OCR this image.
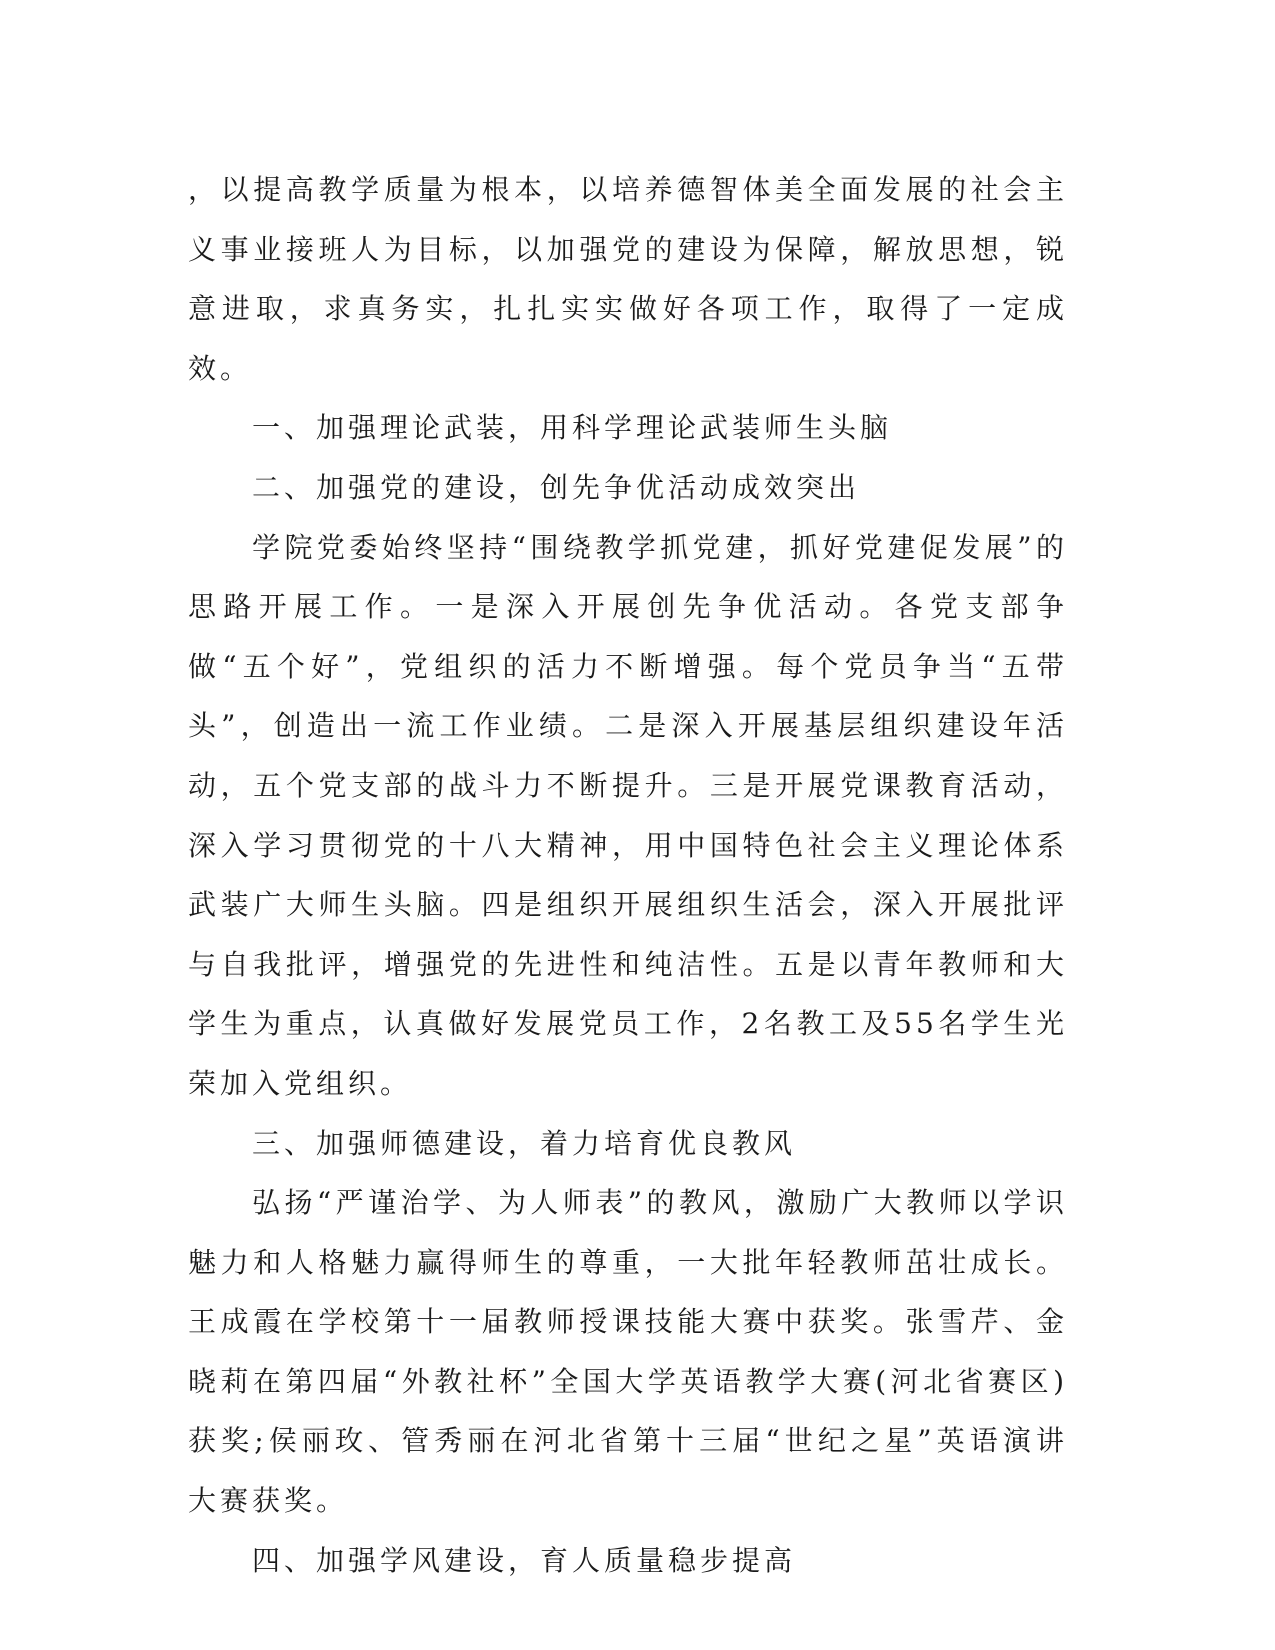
，以提高教学质量为根本，以培养德智体美全面发展的社会主义事业接班人为目标，以加强党的建设为保障，解放思想，锐意进取，求真务实，扎扎实实做好各项工作，取得了一定成效。

一、加强理论武装，用科学理论武装师生头脑

二、加强党的建设，创先争优活动成效突出

学院党委始终坚持“围绕教学抓党建，抓好党建促发展”的思路开展工作。一是深入开展创先争优活动。各党支部争做“五个好”，党组织的活力不断增强。每个党员争当“五带头”，创造出一流工作业绩。二是深入开展基层组织建设年活动，五个党支部的战斗力不断提升。三是开展党课教育活动，深入学习贯彻党的十八大精神，用中国特色社会主义理论体系武装广大师生头脑。四是组织开展组织生活会，深入开展批评与自我批评，增强党的先进性和纯洁性。五是以青年教师和大学生为重点，认真做好发展党员工作，2名教工及55名学生光荣加入党组织。

三、加强师德建设，着力培育优良教风

弘扬“严谨治学、为人师表”的教风，激励广大教师以学识魅力和人格魅力赢得师生的尊重，一大批年轻教师茁壮成长。王成霞在学校第十一届教师授课技能大赛中获奖。张雪芹、金晓莉在第四届“外教社杯”全国大学英语教学大赛(河北省赛区)获奖;侯丽玫、管秀丽在河北省第十三届“世纪之星”英语演讲大赛获奖。

四、加强学风建设，育人质量稳步提高
